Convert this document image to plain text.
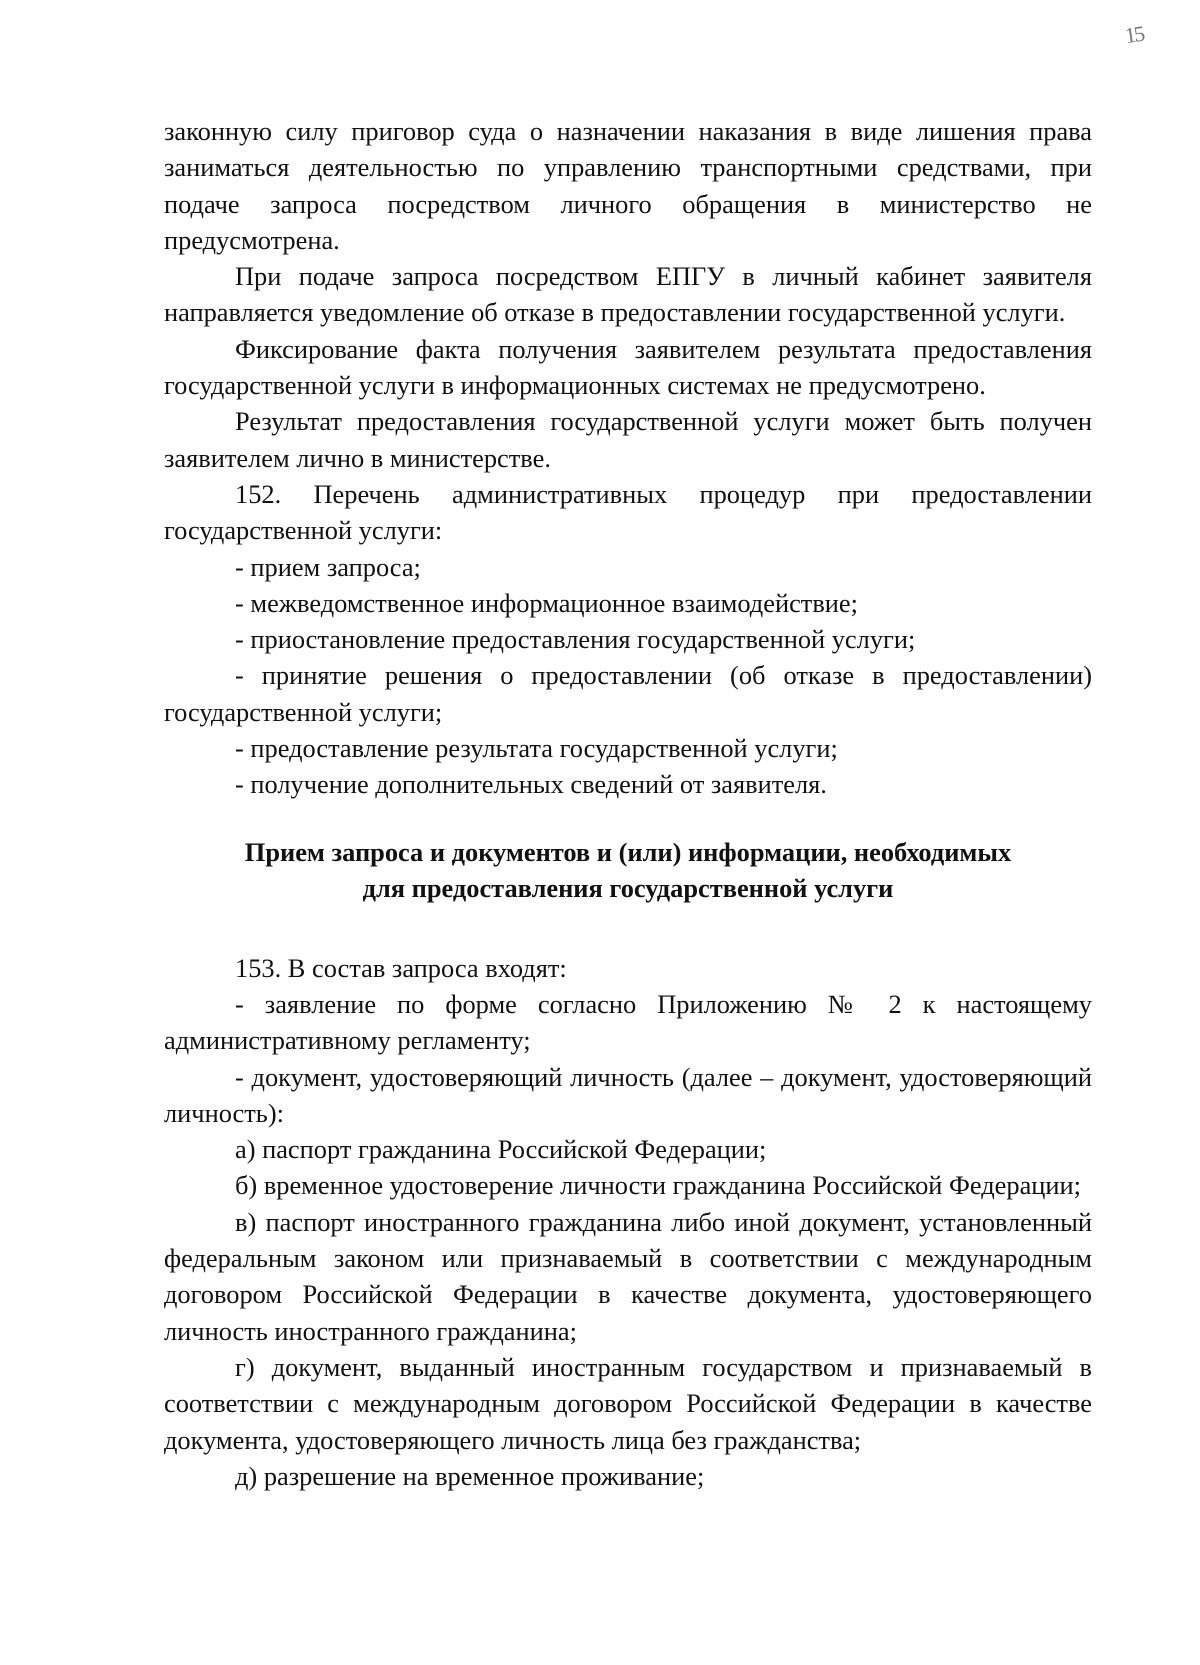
15

законную силу приговор суда о назначении наказания в виде лишения права заниматься деятельностью по управлению транспортными средствами, при подаче запроса посредством личного обращения в министерство не предусмотрена.

При подаче запроса посредством ЕПГУ в личный кабинет заявителя направляется уведомление об отказе в предоставлении государственной услуги.

Фиксирование факта получения заявителем результата предоставления государственной услуги в информационных системах не предусмотрено.

Результат предоставления государственной услуги может быть получен заявителем лично в министерстве.

152. Перечень административных процедур при предоставлении государственной услуги:

- прием запроса;

- межведомственное информационное взаимодействие;

- приостановление предоставления государственной услуги;

- принятие решения о предоставлении (об отказе в предоставлении) государственной услуги;

- предоставление результата государственной услуги;

- получение дополнительных сведений от заявителя.

Прием запроса и документов и (или) информации, необходимых
для предоставления государственной услуги

153. В состав запроса входят:

- заявление по форме согласно Приложению № 2 к настоящему административному регламенту;

- документ, удостоверяющий личность (далее – документ, удостоверяющий личность):

а) паспорт гражданина Российской Федерации;

б) временное удостоверение личности гражданина Российской Федерации;

в) паспорт иностранного гражданина либо иной документ, установленный федеральным законом или признаваемый в соответствии с международным договором Российской Федерации в качестве документа, удостоверяющего личность иностранного гражданина;

г) документ, выданный иностранным государством и признаваемый в соответствии с международным договором Российской Федерации в качестве документа, удостоверяющего личность лица без гражданства;

д) разрешение на временное проживание;
